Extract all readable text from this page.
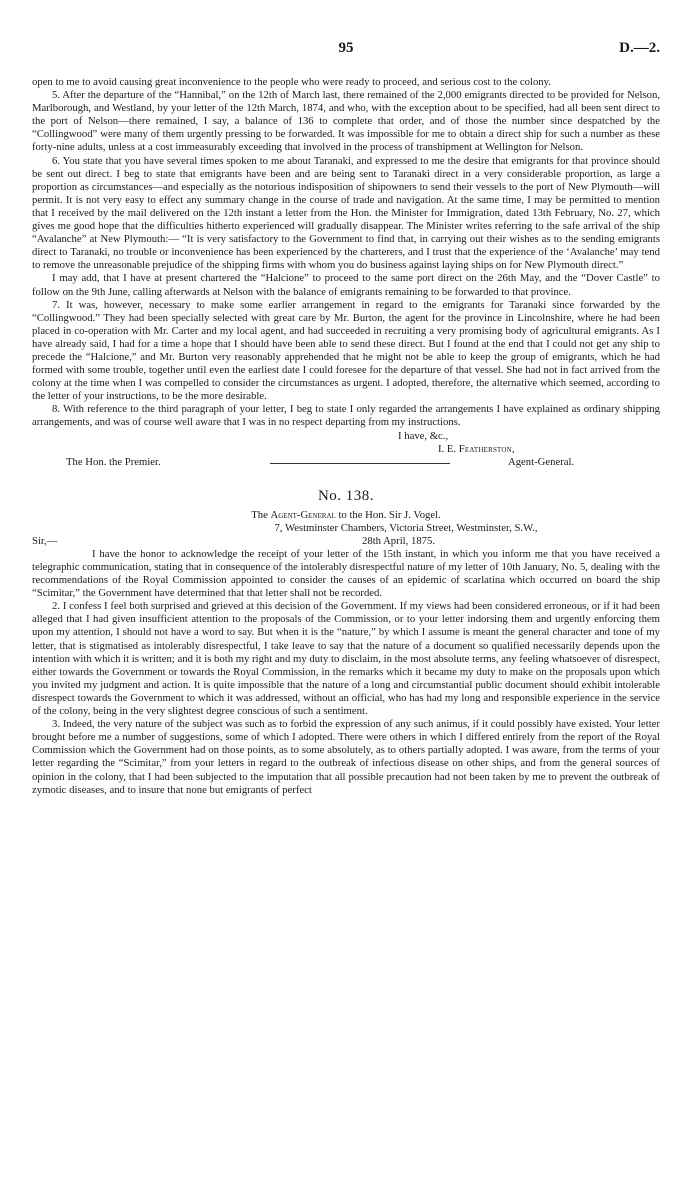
95	D.—2.

open to me to avoid causing great inconvenience to the people who were ready to proceed, and serious cost to the colony.

5. After the departure of the “Hannibal,” on the 12th of March last, there remained of the 2,000 emigrants directed to be provided for Nelson, Marlborough, and Westland, by your letter of the 12th March, 1874, and who, with the exception about to be specified, had all been sent direct to the port of Nelson—there remained, I say, a balance of 136 to complete that order, and of those the number since despatched by the “Collingwood” were many of them urgently pressing to be forwarded. It was impossible for me to obtain a direct ship for such a number as these forty-nine adults, unless at a cost immeasurably exceeding that involved in the process of transhipment at Wellington for Nelson.

6. You state that you have several times spoken to me about Taranaki, and expressed to me the desire that emigrants for that province should be sent out direct. I beg to state that emigrants have been and are being sent to Taranaki direct in a very considerable proportion, as large a proportion as circumstances—and especially as the notorious indisposition of shipowners to send their vessels to the port of New Plymouth—will permit. It is not very easy to effect any summary change in the course of trade and navigation. At the same time, I may be permitted to mention that I received by the mail delivered on the 12th instant a letter from the Hon. the Minister for Immigration, dated 13th February, No. 27, which gives me good hope that the difficulties hitherto experienced will gradually disappear. The Minister writes referring to the safe arrival of the ship “Avalanche” at New Plymouth:— “It is very satisfactory to the Government to find that, in carrying out their wishes as to the sending emigrants direct to Taranaki, no trouble or inconvenience has been experienced by the charterers, and I trust that the experience of the ‘Avalanche’ may tend to remove the unreasonable prejudice of the shipping firms with whom you do business against laying ships on for New Plymouth direct.”

I may add, that I have at present chartered the “Halcione” to proceed to the same port direct on the 26th May, and the “Dover Castle” to follow on the 9th June, calling afterwards at Nelson with the balance of emigrants remaining to be forwarded to that province.

7. It was, however, necessary to make some earlier arrangement in regard to the emigrants for Taranaki since forwarded by the “Collingwood.” They had been specially selected with great care by Mr. Burton, the agent for the province in Lincolnshire, where he had been placed in co-operation with Mr. Carter and my local agent, and had succeeded in recruiting a very promising body of agricultural emigrants. As I have already said, I had for a time a hope that I should have been able to send these direct. But I found at the end that I could not get any ship to precede the “Halcione,” and Mr. Burton very reasonably apprehended that he might not be able to keep the group of emigrants, which he had formed with some trouble, together until even the earliest date I could foresee for the departure of that vessel. She had not in fact arrived from the colony at the time when I was compelled to consider the circumstances as urgent. I adopted, therefore, the alternative which seemed, according to the letter of your instructions, to be the more desirable.

8. With reference to the third paragraph of your letter, I beg to state I only regarded the arrangements I have explained as ordinary shipping arrangements, and was of course well aware that I was in no respect departing from my instructions.

I have, &c.,
I. E. Featherston,
The Hon. the Premier.	Agent-General.
No. 138.

The Agent-General to the Hon. Sir J. Vogel.

7, Westminster Chambers, Victoria Street, Westminster, S.W.,

Sir,—	28th April, 1875.

I have the honor to acknowledge the receipt of your letter of the 15th instant, in which you inform me that you have received a telegraphic communication, stating that in consequence of the intolerably disrespectful nature of my letter of 10th January, No. 5, dealing with the recommendations of the Royal Commission appointed to consider the causes of an epidemic of scarlatina which occurred on board the ship “Scimitar,” the Government have determined that that letter shall not be recorded.

2. I confess I feel both surprised and grieved at this decision of the Government. If my views had been considered erroneous, or if it had been alleged that I had given insufficient attention to the proposals of the Commission, or to your letter indorsing them and urgently enforcing them upon my attention, I should not have a word to say. But when it is the “nature,” by which I assume is meant the general character and tone of my letter, that is stigmatised as intolerably disrespectful, I take leave to say that the nature of a document so qualified necessarily depends upon the intention with which it is written; and it is both my right and my duty to disclaim, in the most absolute terms, any feeling whatsoever of disrespect, either towards the Government or towards the Royal Commission, in the remarks which it became my duty to make on the proposals upon which you invited my judgment and action. It is quite impossible that the nature of a long and circumstantial public document should exhibit intolerable disrespect towards the Government to which it was addressed, without an official, who has had my long and responsible experience in the service of the colony, being in the very slightest degree conscious of such a sentiment.

3. Indeed, the very nature of the subject was such as to forbid the expression of any such animus, if it could possibly have existed. Your letter brought before me a number of suggestions, some of which I adopted. There were others in which I differed entirely from the report of the Royal Commission which the Government had on those points, as to some absolutely, as to others partially adopted. I was aware, from the terms of your letter regarding the “Scimitar,” from your letters in regard to the outbreak of infectious disease on other ships, and from the general sources of opinion in the colony, that I had been subjected to the imputation that all possible precaution had not been taken by me to prevent the outbreak of zymotic diseases, and to insure that none but emigrants of perfect
